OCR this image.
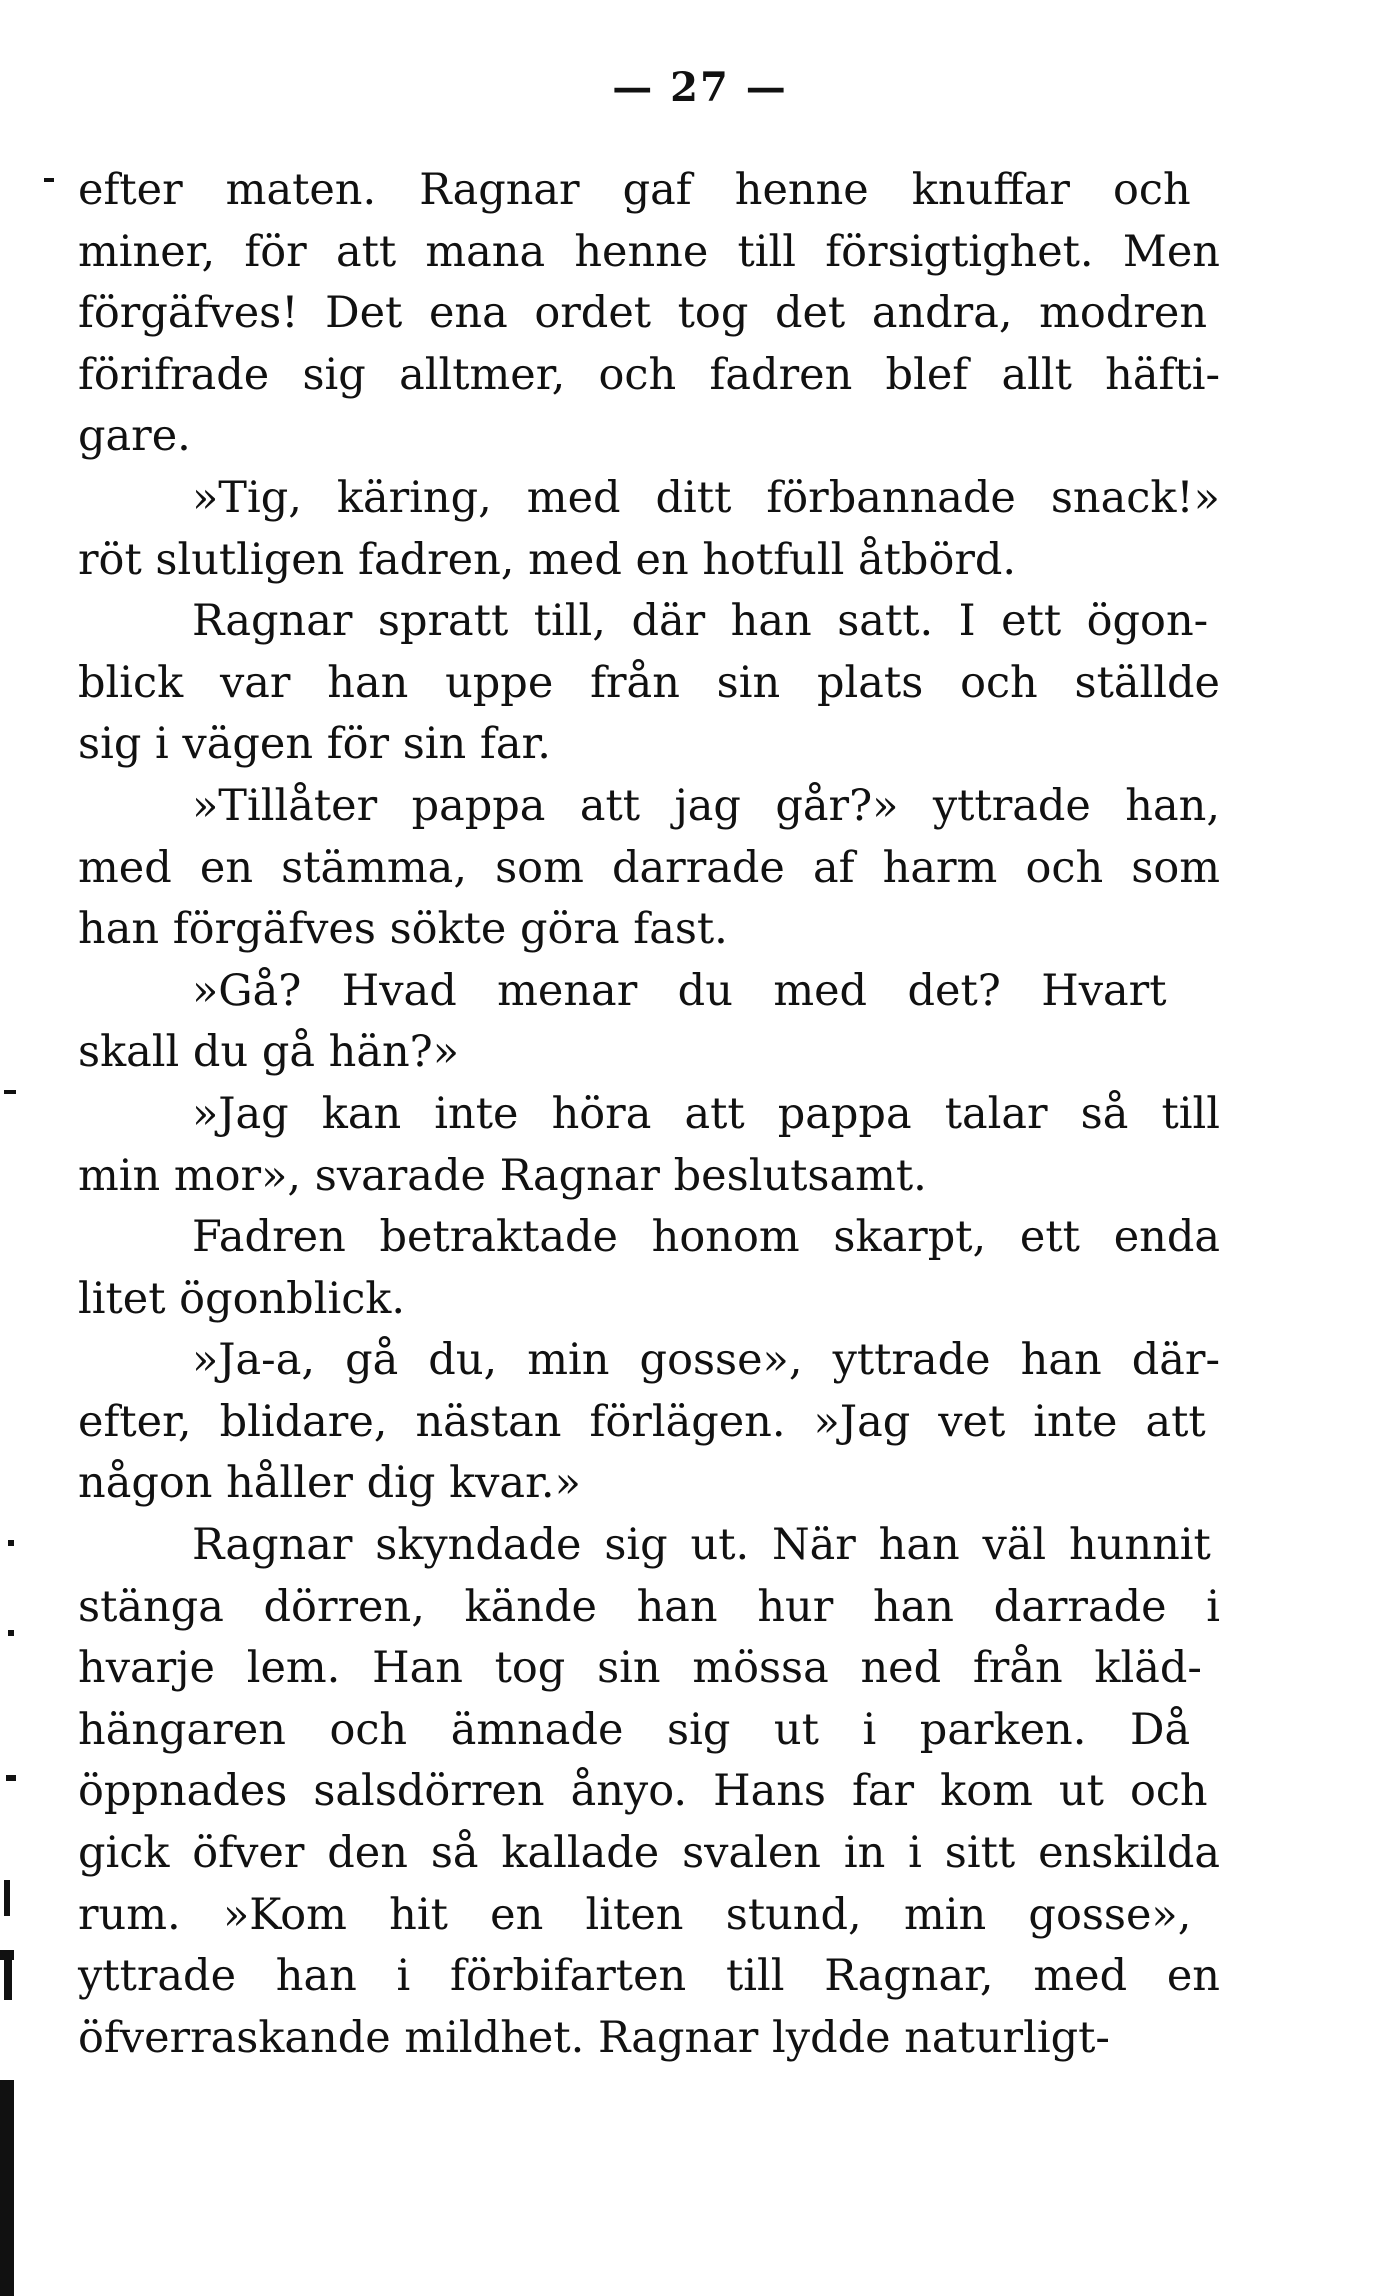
— 27 —
efter maten. Ragnar gaf henne knuffar och
miner, för att mana henne till försigtighet. Men
förgäfves! Det ena ordet tog det andra, modren
förifrade sig alltmer, och fadren blef allt häfti-
gare.
»Tig, käring, med ditt förbannade snack!»
röt slutligen fadren, med en hotfull åtbörd.
Ragnar spratt till, där han satt. I ett ögon-
blick var han uppe från sin plats och ställde
sig i vägen för sin far.
»Tillåter pappa att jag går?» yttrade han,
med en stämma, som darrade af harm och som
han förgäfves sökte göra fast.
»Gå? Hvad menar du med det? Hvart
skall du gå hän?»
»Jag kan inte höra att pappa talar så till
min mor», svarade Ragnar beslutsamt.
Fadren betraktade honom skarpt, ett enda
litet ögonblick.
»Ja-a, gå du, min gosse», yttrade han där-
efter, blidare, nästan förlägen. »Jag vet inte att
någon håller dig kvar.»
Ragnar skyndade sig ut. När han väl hunnit
stänga dörren, kände han hur han darrade i
hvarje lem. Han tog sin mössa ned från kläd-
hängaren och ämnade sig ut i parken. Då
öppnades salsdörren ånyo. Hans far kom ut och
gick öfver den så kallade svalen in i sitt enskilda
rum. »Kom hit en liten stund, min gosse»,
yttrade han i förbifarten till Ragnar, med en
öfverraskande mildhet. Ragnar lydde naturligt-
